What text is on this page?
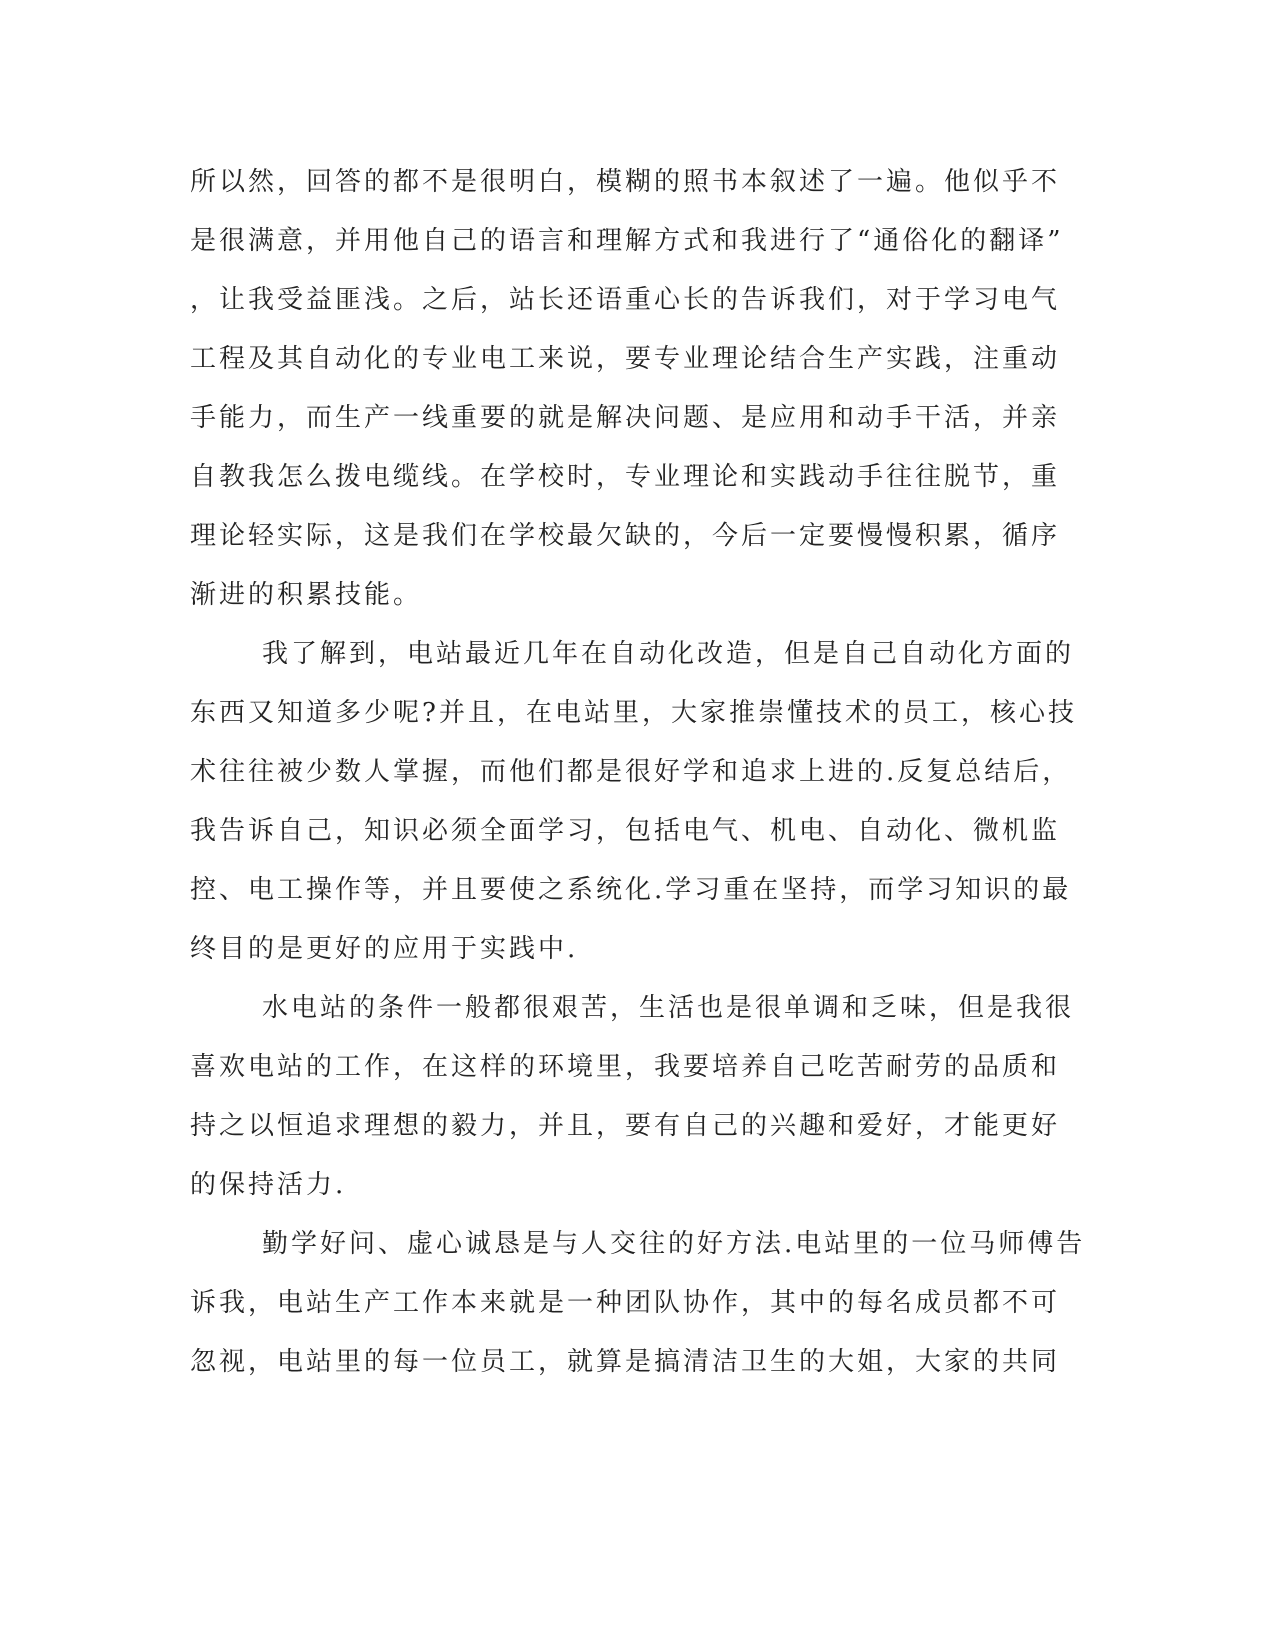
所以然，回答的都不是很明白，模糊的照书本叙述了一遍。他似乎不
是很满意，并用他自己的语言和理解方式和我进行了“通俗化的翻译”
，让我受益匪浅。之后，站长还语重心长的告诉我们，对于学习电气
工程及其自动化的专业电工来说，要专业理论结合生产实践，注重动
手能力，而生产一线重要的就是解决问题、是应用和动手干活，并亲
自教我怎么拨电缆线。在学校时，专业理论和实践动手往往脱节，重
理论轻实际，这是我们在学校最欠缺的，今后一定要慢慢积累，循序
渐进的积累技能。
我了解到，电站最近几年在自动化改造，但是自己自动化方面的
东西又知道多少呢?并且，在电站里，大家推崇懂技术的员工，核心技
术往往被少数人掌握，而他们都是很好学和追求上进的.反复总结后，
我告诉自己，知识必须全面学习，包括电气、机电、自动化、微机监
控、电工操作等，并且要使之系统化.学习重在坚持，而学习知识的最
终目的是更好的应用于实践中.
水电站的条件一般都很艰苦，生活也是很单调和乏味，但是我很
喜欢电站的工作，在这样的环境里，我要培养自己吃苦耐劳的品质和
持之以恒追求理想的毅力，并且，要有自己的兴趣和爱好，才能更好
的保持活力.
勤学好问、虚心诚恳是与人交往的好方法.电站里的一位马师傅告
诉我，电站生产工作本来就是一种团队协作，其中的每名成员都不可
忽视，电站里的每一位员工，就算是搞清洁卫生的大姐，大家的共同
